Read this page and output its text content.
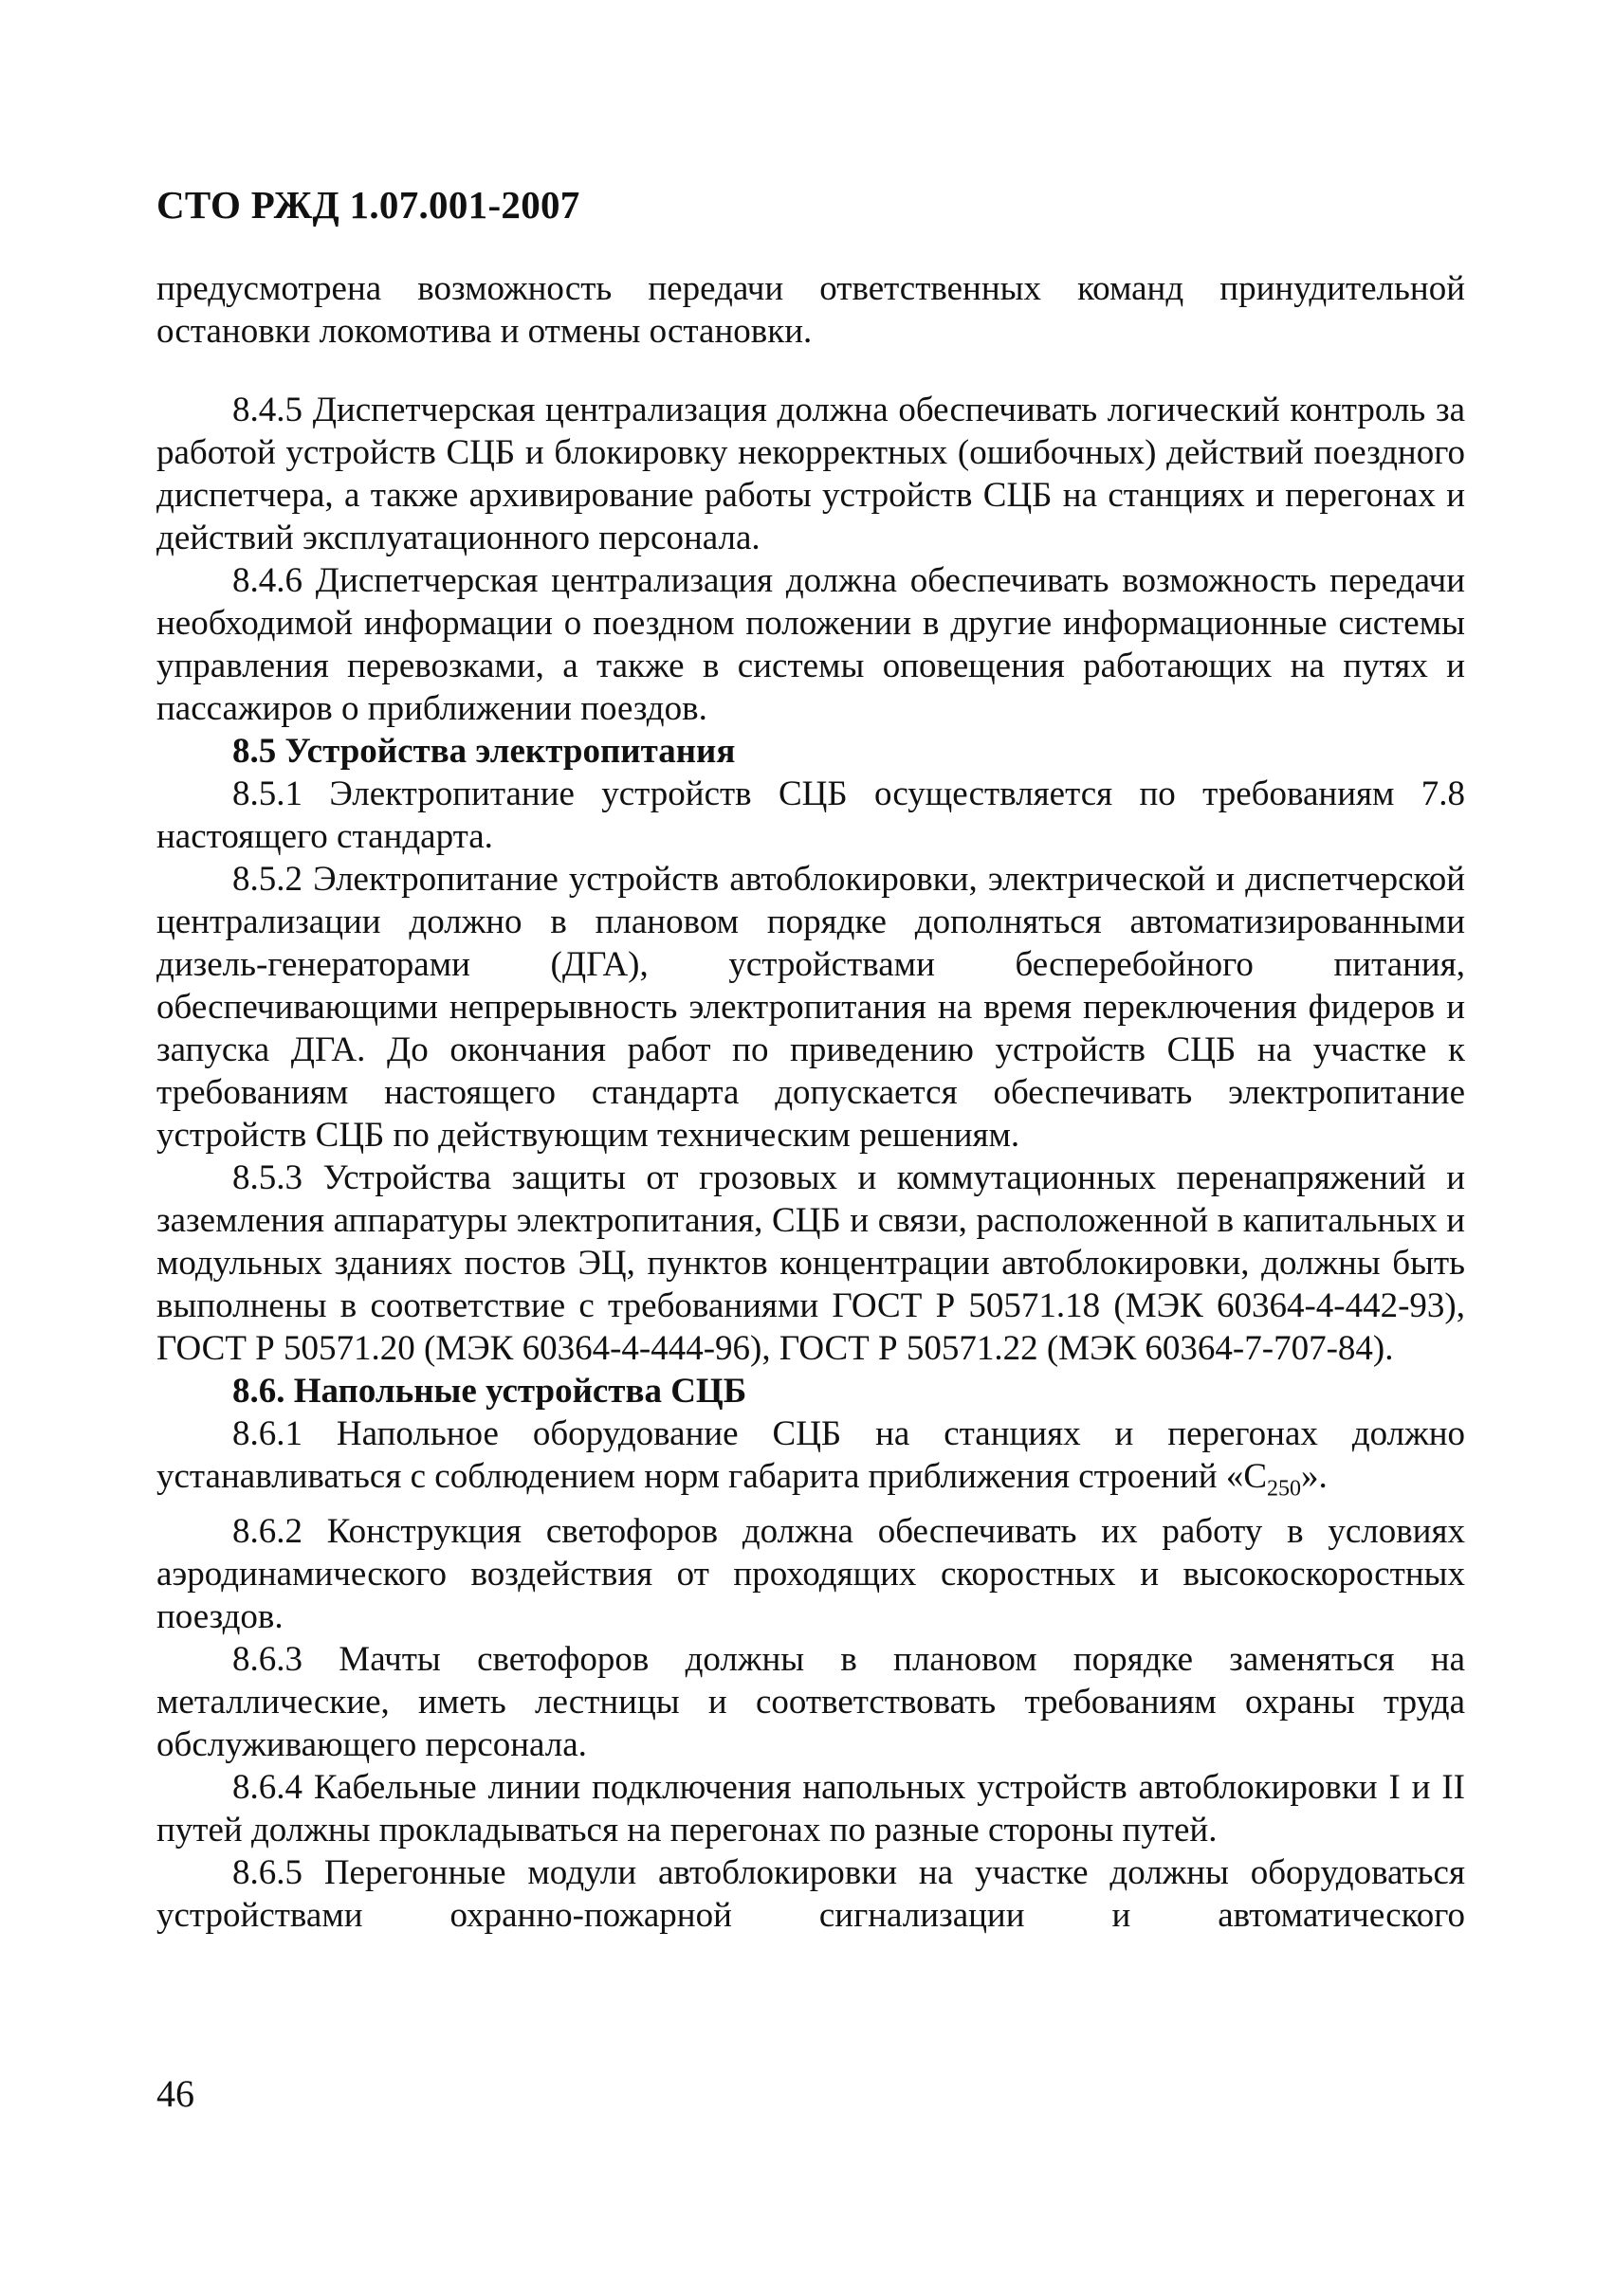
СТО РЖД 1.07.001-2007

предусмотрена возможность передачи ответственных команд принудительной остановки локомотива и отмены остановки.

8.4.5 Диспетчерская централизация должна обеспечивать логический контроль за работой устройств СЦБ и блокировку некорректных (ошибочных) действий поездного диспетчера, а также архивирование работы устройств СЦБ на станциях и перегонах и действий эксплуатационного персонала.

8.4.6 Диспетчерская централизация должна обеспечивать возможность передачи необходимой информации о поездном положении в другие информационные системы управления перевозками, а также в системы оповещения работающих на путях и пассажиров о приближении поездов.

8.5 Устройства электропитания

8.5.1 Электропитание устройств СЦБ осуществляется по требованиям 7.8 настоящего стандарта.

8.5.2 Электропитание устройств автоблокировки, электрической и диспетчерской централизации должно в плановом порядке дополняться автоматизированными дизель-генераторами (ДГА), устройствами бесперебойного питания, обеспечивающими непрерывность электропитания на время переключения фидеров и запуска ДГА. До окончания работ по приведению устройств СЦБ на участке к требованиям настоящего стандарта допускается обеспечивать электропитание устройств СЦБ по действующим техническим решениям.

8.5.3 Устройства защиты от грозовых и коммутационных перенапряжений и заземления аппаратуры электропитания, СЦБ и связи, расположенной в капитальных и модульных зданиях постов ЭЦ, пунктов концентрации автоблокировки, должны быть выполнены в соответствие с требованиями ГОСТ Р 50571.18 (МЭК 60364-4-442-93), ГОСТ Р 50571.20 (МЭК 60364-4-444-96), ГОСТ Р 50571.22 (МЭК 60364-7-707-84).

8.6. Напольные устройства СЦБ

8.6.1 Напольное оборудование СЦБ на станциях и перегонах должно устанавливаться с соблюдением норм габарита приближения строений «$С_{250}$».

8.6.2 Конструкция светофоров должна обеспечивать их работу в условиях аэродинамического воздействия от проходящих скоростных и высокоскоростных поездов.

8.6.3 Мачты светофоров должны в плановом порядке заменяться на металлические, иметь лестницы и соответствовать требованиям охраны труда обслуживающего персонала.

8.6.4 Кабельные линии подключения напольных устройств автоблокировки I и II путей должны прокладываться на перегонах по разные стороны путей.

8.6.5 Перегонные модули автоблокировки на участке должны оборудоваться устройствами охранно-пожарной сигнализации и автоматического

46
